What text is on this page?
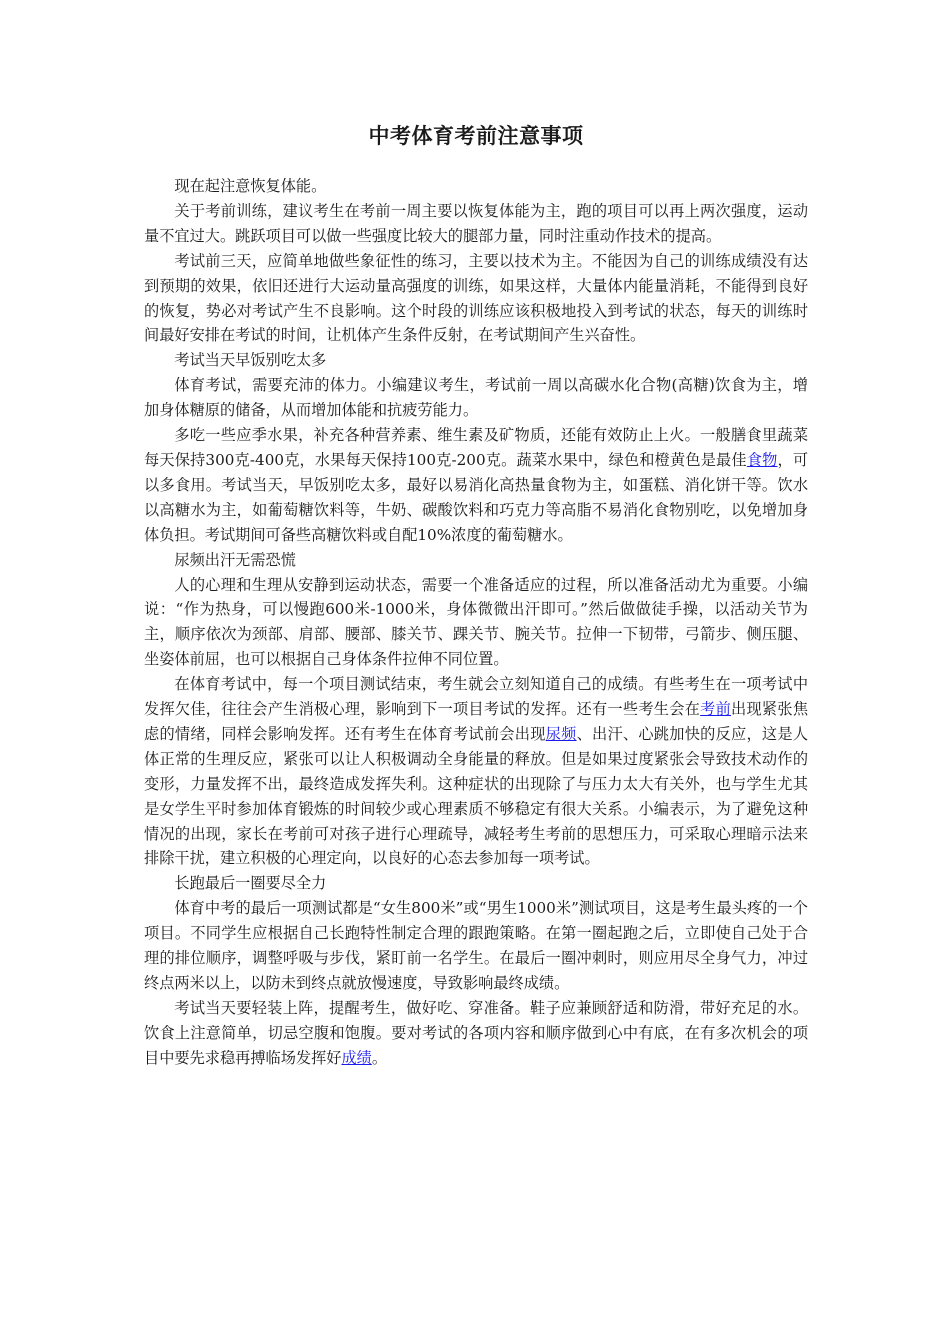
中考体育考前注意事项

现在起注意恢复体能。

关于考前训练，建议考生在考前一周主要以恢复体能为主，跑的项目可以再上两次强度，运动量不宜过大。跳跃项目可以做一些强度比较大的腿部力量，同时注重动作技术的提高。

考试前三天，应简单地做些象征性的练习，主要以技术为主。不能因为自己的训练成绩没有达到预期的效果，依旧还进行大运动量高强度的训练，如果这样，大量体内能量消耗，不能得到良好的恢复，势必对考试产生不良影响。这个时段的训练应该积极地投入到考试的状态，每天的训练时间最好安排在考试的时间，让机体产生条件反射，在考试期间产生兴奋性。

考试当天早饭别吃太多

体育考试，需要充沛的体力。小编建议考生，考试前一周以高碳水化合物(高糖)饮食为主，增加身体糖原的储备，从而增加体能和抗疲劳能力。

多吃一些应季水果，补充各种营养素、维生素及矿物质，还能有效防止上火。一般膳食里蔬菜每天保持300克-400克，水果每天保持100克-200克。蔬菜水果中，绿色和橙黄色是最佳食物，可以多食用。考试当天，早饭别吃太多，最好以易消化高热量食物为主，如蛋糕、消化饼干等。饮水以高糖水为主，如葡萄糖饮料等，牛奶、碳酸饮料和巧克力等高脂不易消化食物别吃，以免增加身体负担。考试期间可备些高糖饮料或自配10%浓度的葡萄糖水。

尿频出汗无需恐慌

人的心理和生理从安静到运动状态，需要一个准备适应的过程，所以准备活动尤为重要。小编说：“作为热身，可以慢跑600米-1000米，身体微微出汗即可。”然后做做徒手操，以活动关节为主，顺序依次为颈部、肩部、腰部、膝关节、踝关节、腕关节。拉伸一下韧带，弓箭步、侧压腿、坐姿体前屈，也可以根据自己身体条件拉伸不同位置。

在体育考试中，每一个项目测试结束，考生就会立刻知道自己的成绩。有些考生在一项考试中发挥欠佳，往往会产生消极心理，影响到下一项目考试的发挥。还有一些考生会在考前出现紧张焦虑的情绪，同样会影响发挥。还有考生在体育考试前会出现尿频、出汗、心跳加快的反应，这是人体正常的生理反应，紧张可以让人积极调动全身能量的释放。但是如果过度紧张会导致技术动作的变形，力量发挥不出，最终造成发挥失利。这种症状的出现除了与压力太大有关外，也与学生尤其是女学生平时参加体育锻炼的时间较少或心理素质不够稳定有很大关系。小编表示，为了避免这种情况的出现，家长在考前可对孩子进行心理疏导，减轻考生考前的思想压力，可采取心理暗示法来排除干扰，建立积极的心理定向，以良好的心态去参加每一项考试。

长跑最后一圈要尽全力

体育中考的最后一项测试都是“女生800米”或“男生1000米”测试项目，这是考生最头疼的一个项目。不同学生应根据自己长跑特性制定合理的跟跑策略。在第一圈起跑之后，立即使自己处于合理的排位顺序，调整呼吸与步伐，紧盯前一名学生。在最后一圈冲刺时，则应用尽全身气力，冲过终点两米以上，以防未到终点就放慢速度，导致影响最终成绩。

考试当天要轻装上阵，提醒考生，做好吃、穿准备。鞋子应兼顾舒适和防滑，带好充足的水。饮食上注意简单，切忌空腹和饱腹。要对考试的各项内容和顺序做到心中有底，在有多次机会的项目中要先求稳再搏临场发挥好成绩。
